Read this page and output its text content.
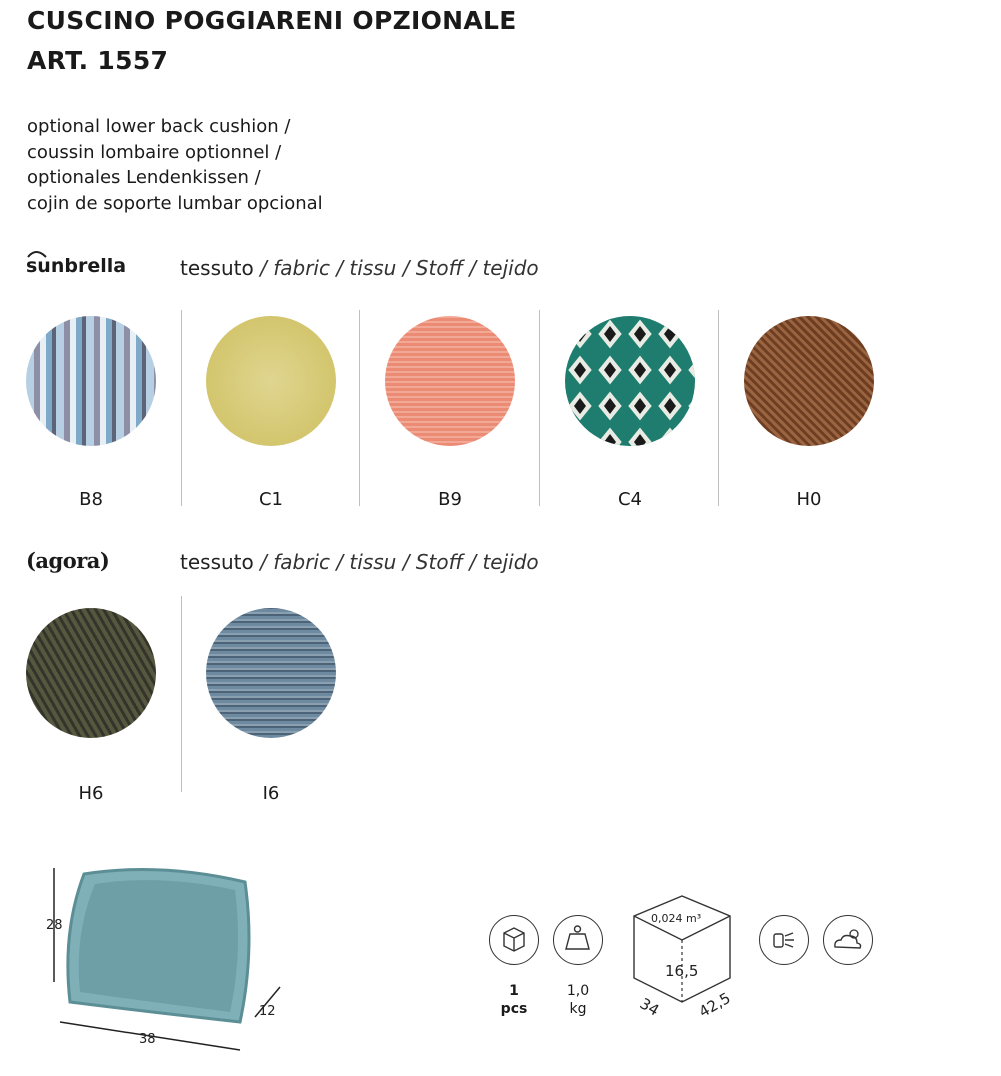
CUSCINO POGGIARENI OPZIONALE
ART. 1557

optional lower back cushion /
coussin lombaire optionnel /
optionales Lendenkissen /
cojin de soporte lumbar opcional

sunbrella	tessuto / fabric / tissu / Stoff / tejido
B8	C1	B9	C4	H0
(agora)	tessuto / fabric / tissu / Stoff / tejido
H6	I6
28
38
12
1
pcs
1,0
kg
0,024 m³
16,5
34 42,5
